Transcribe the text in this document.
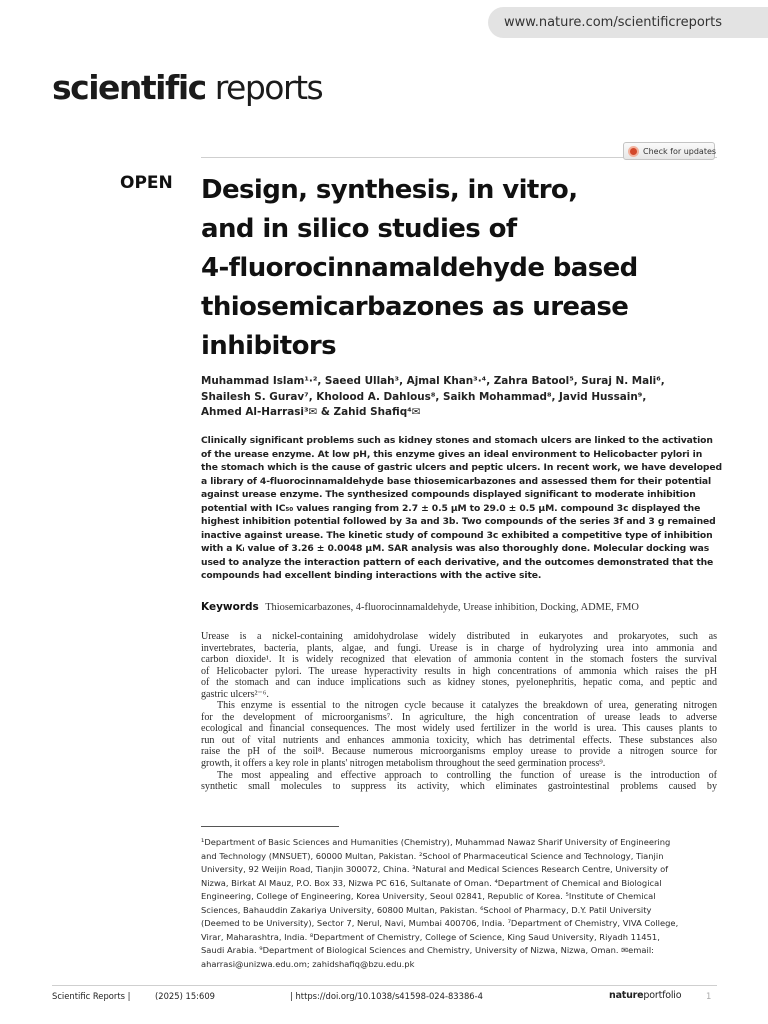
www.nature.com/scientificreports
scientific reports
Check for updates
OPEN Design, synthesis, in vitro,
and in silico studies of
4-fluorocinnamaldehyde based
thiosemicarbazones as urease
inhibitors
Muhammad Islam¹·², Saeed Ullah³, Ajmal Khan³·⁴, Zahra Batool⁵, Suraj N. Mali⁶,
Shailesh S. Gurav⁷, Kholood A. Dahlous⁸, Saikh Mohammad⁸, Javid Hussain⁹,
Ahmed Al-Harrasi³✉ & Zahid Shafiq⁴✉
Clinically significant problems such as kidney stones and stomach ulcers are linked to the activation
of the urease enzyme. At low pH, this enzyme gives an ideal environment to Helicobacter pylori in
the stomach which is the cause of gastric ulcers and peptic ulcers. In recent work, we have developed
a library of 4-fluorocinnamaldehyde base thiosemicarbazones and assessed them for their potential
against urease enzyme. The synthesized compounds displayed significant to moderate inhibition
potential with IC₅₀ values ranging from 2.7 ± 0.5 µM to 29.0 ± 0.5 µM. compound 3c displayed the
highest inhibition potential followed by 3a and 3b. Two compounds of the series 3f and 3 g remained
inactive against urease. The kinetic study of compound 3c exhibited a competitive type of inhibition
with a Kᵢ value of 3.26 ± 0.0048 µM. SAR analysis was also thoroughly done. Molecular docking was
used to analyze the interaction pattern of each derivative, and the outcomes demonstrated that the
compounds had excellent binding interactions with the active site.
Keywords Thiosemicarbazones, 4-fluorocinnamaldehyde, Urease inhibition, Docking, ADME, FMO
Urease is a nickel-containing amidohydrolase widely distributed in eukaryotes and prokaryotes, such as
invertebrates, bacteria, plants, algae, and fungi. Urease is in charge of hydrolyzing urea into ammonia and
carbon dioxide¹. It is widely recognized that elevation of ammonia content in the stomach fosters the survival
of Helicobacter pylori. The urease hyperactivity results in high concentrations of ammonia which raises the pH
of the stomach and can induce implications such as kidney stones, pyelonephritis, hepatic coma, and peptic and
gastric ulcers²⁻⁶.
This enzyme is essential to the nitrogen cycle because it catalyzes the breakdown of urea, generating nitrogen
for the development of microorganisms⁷. In agriculture, the high concentration of urease leads to adverse
ecological and financial consequences. The most widely used fertilizer in the world is urea. This causes plants to
run out of vital nutrients and enhances ammonia toxicity, which has detrimental effects. These substances also
raise the pH of the soil⁸. Because numerous microorganisms employ urease to provide a nitrogen source for
growth, it offers a key role in plants' nitrogen metabolism throughout the seed germination process⁹.
The most appealing and effective approach to controlling the function of urease is the introduction of
synthetic small molecules to suppress its activity, which eliminates gastrointestinal problems caused by
¹Department of Basic Sciences and Humanities (Chemistry), Muhammad Nawaz Sharif University of Engineering
and Technology (MNSUET), 60000 Multan, Pakistan. ²School of Pharmaceutical Science and Technology, Tianjin
University, 92 Weijin Road, Tianjin 300072, China. ³Natural and Medical Sciences Research Centre, University of
Nizwa, Birkat Al Mauz, P.O. Box 33, Nizwa PC 616, Sultanate of Oman. ⁴Department of Chemical and Biological
Engineering, College of Engineering, Korea University, Seoul 02841, Republic of Korea. ⁵Institute of Chemical
Sciences, Bahauddin Zakariya University, 60800 Multan, Pakistan. ⁶School of Pharmacy, D.Y. Patil University
(Deemed to be University), Sector 7, Nerul, Navi, Mumbai 400706, India. ⁷Department of Chemistry, VIVA College,
Virar, Maharashtra, India. ⁸Department of Chemistry, College of Science, King Saud University, Riyadh 11451,
Saudi Arabia. ⁹Department of Biological Sciences and Chemistry, University of Nizwa, Nizwa, Oman. ✉email:
aharrasi@unizwa.edu.om; zahidshafiq@bzu.edu.pk
Scientific Reports |	(2025) 15:609	| https://doi.org/10.1038/s41598-024-83386-4	natureportfolio	1
